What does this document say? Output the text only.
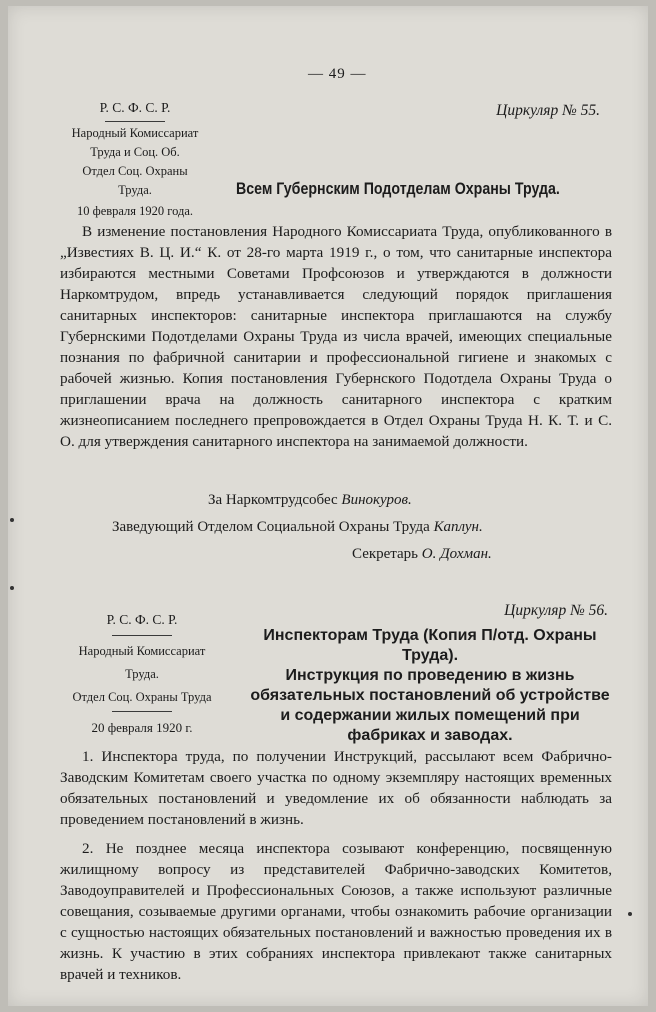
— 49 —
Р. С. Ф. С. Р.
Народный Комиссариат
Труда и Соц. Об.
Отдел Соц. Охраны
Труда.
10 февраля 1920 года.
Циркуляр № 55.
Всем Губернским Подотделам Охраны Труда.

В изменение постановления Народного Комиссариата Труда, опубликованного в „Известиях В. Ц. И.“ К. от 28-го марта 1919 г., о том, что санитарные инспектора избираются местными Советами Профсоюзов и утверждаются в должности Наркомтрудом, впредь устанавливается следующий порядок приглашения санитарных инспекторов: санитарные инспектора приглашаются на службу Губернскими Подотделами Охраны Труда из числа врачей, имеющих специальные познания по фабричной санитарии и профессиональной гигиене и знакомых с рабочей жизнью. Копия постановления Губернского Подотдела Охраны Труда о приглашении врача на должность санитарного инспектора с кратким жизнеописанием последнего препровождается в Отдел Охраны Труда Н. К. Т. и С. О. для утверждения санитарного инспектора на занимаемой должности.

За Наркомтрудсобес Винокуров.
Заведующий Отделом Социальной Охраны Труда Каплун.
Секретарь О. Дохман.
Р. С. Ф. С. Р.
Народный Комиссариат
Труда.
Отдел Соц. Охраны Труда
20 февраля 1920 г.
Циркуляр № 56.
Инспекторам Труда (Копия П/отд. Охраны Труда).
Инструкция по проведению в жизнь обязательных постановлений об устройстве и содержании жилых помещений при фабриках и заводах.

1. Инспектора труда, по получении Инструкций, рассылают всем Фабрично-Заводским Комитетам своего участка по одному экземпляру настоящих временных обязательных постановлений и уведомление их об обязанности наблюдать за проведением постановлений в жизнь.

2. Не позднее месяца инспектора созывают конференцию, посвященную жилищному вопросу из представителей Фабрично-заводских Комитетов, Заводоуправителей и Профессиональных Союзов, а также используют различные совещания, созываемые другими органами, чтобы ознакомить рабочие организации с сущностью настоящих обязательных постановлений и важностью проведения их в жизнь. К участию в этих собраниях инспектора привлекают также санитарных врачей и техников.
